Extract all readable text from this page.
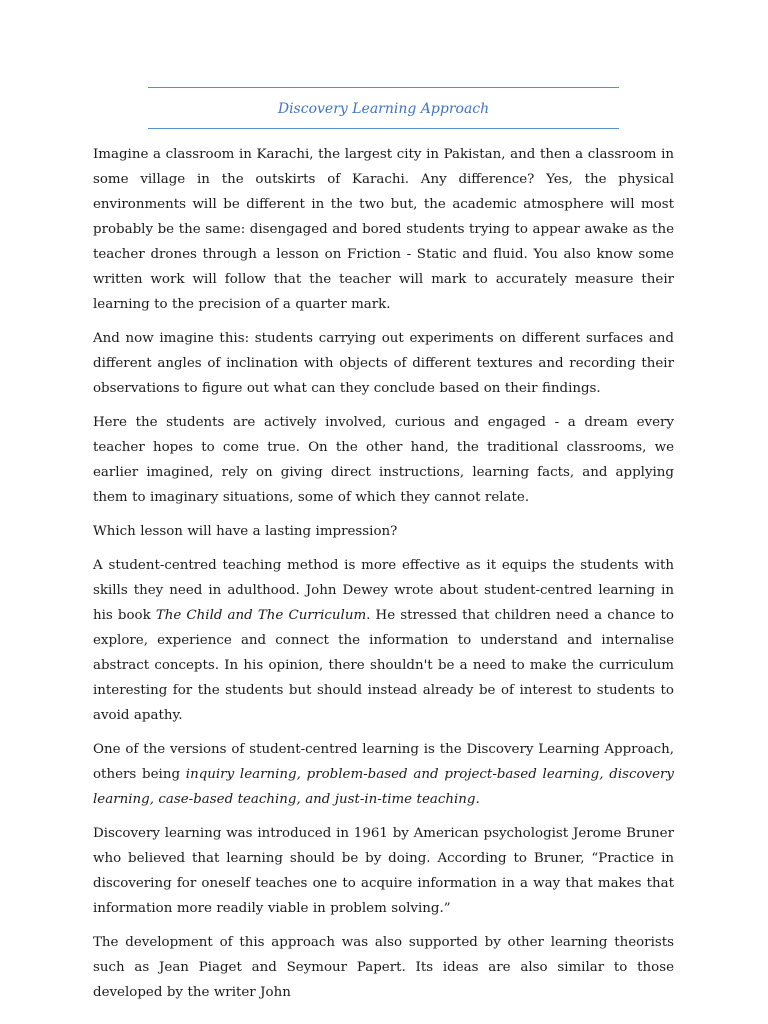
Discovery Learning Approach

Imagine a classroom in Karachi, the largest city in Pakistan, and then a classroom in some village in the outskirts of Karachi. Any difference? Yes, the physical environments will be different in the two but, the academic atmosphere will most probably be the same: disengaged and bored students trying to appear awake as the teacher drones through a lesson on Friction - Static and fluid. You also know some written work will follow that the teacher will mark to accurately measure their learning to the precision of a quarter mark.

And now imagine this: students carrying out experiments on different surfaces and different angles of inclination with objects of different textures and recording their observations to figure out what can they conclude based on their findings.

Here the students are actively involved, curious and engaged - a dream every teacher hopes to come true. On the other hand, the traditional classrooms, we earlier imagined, rely on giving direct instructions, learning facts, and applying them to imaginary situations, some of which they cannot relate.

Which lesson will have a lasting impression?

A student-centred teaching method is more effective as it equips the students with skills they need in adulthood. John Dewey wrote about student-centred learning in his book The Child and The Curriculum. He stressed that children need a chance to explore, experience and connect the information to understand and internalise abstract concepts. In his opinion, there shouldn't be a need to make the curriculum interesting for the students but should instead already be of interest to students to avoid apathy.

One of the versions of student-centred learning is the Discovery Learning Approach, others being inquiry learning, problem-based and project-based learning, discovery learning, case-based teaching, and just-in-time teaching.

Discovery learning was introduced in 1961 by American psychologist Jerome Bruner who believed that learning should be by doing. According to Bruner, “Practice in discovering for oneself teaches one to acquire information in a way that makes that information more readily viable in problem solving.”

The development of this approach was also supported by other learning theorists such as Jean Piaget and Seymour Papert. Its ideas are also similar to those developed by the writer John
